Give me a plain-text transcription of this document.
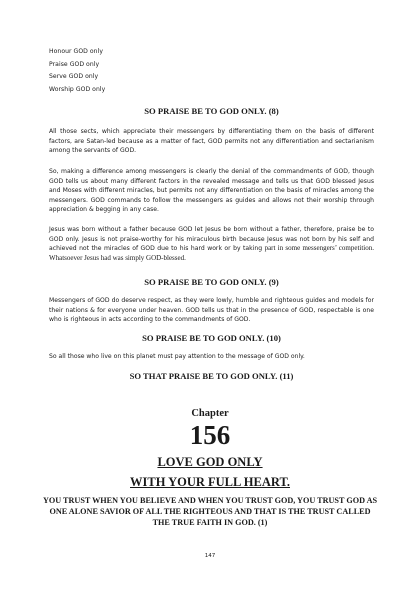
Honour GOD only
Praise GOD only
Serve GOD only
Worship GOD only
SO PRAISE BE TO GOD ONLY. (8)
All those sects, which appreciate their messengers by differentiating them on the basis of different factors, are Satan-led because as a matter of fact, GOD permits not any differentiation and sectarianism among the servants of GOD.
So, making a difference among messengers is clearly the denial of the commandments of GOD, though GOD tells us about many different factors in the revealed message and tells us that GOD blessed Jesus and Moses with different miracles, but permits not any differentiation on the basis of miracles among the messengers. GOD commands to follow the messengers as guides and allows not their worship through appreciation & begging in any case.
Jesus was born without a father because GOD let Jesus be born without a father, therefore, praise be to GOD only. Jesus is not praise-worthy for his miraculous birth because Jesus was not born by his self and achieved not the miracles of GOD due to his hard work or by taking part in some messengers’ competition. Whatsoever Jesus had was simply GOD-blessed.
SO PRAISE BE TO GOD ONLY. (9)
Messengers of GOD do deserve respect, as they were lowly, humble and righteous guides and models for their nations & for everyone under heaven. GOD tells us that in the presence of GOD, respectable is one who is righteous in acts according to the commandments of GOD.
SO PRAISE BE TO GOD ONLY. (10)
So all those who live on this planet must pay attention to the message of GOD only.
SO THAT PRAISE BE TO GOD ONLY. (11)
Chapter
156
LOVE GOD ONLY
WITH YOUR FULL HEART.
YOU TRUST WHEN YOU BELIEVE AND WHEN YOU TRUST GOD, YOU TRUST GOD AS ONE ALONE SAVIOR OF ALL THE RIGHTEOUS AND THAT IS THE TRUST CALLED THE TRUE FAITH IN GOD. (1)
147
